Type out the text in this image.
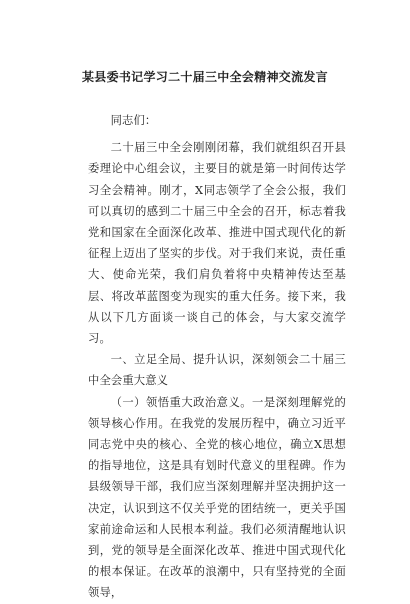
某县委书记学习二十届三中全会精神交流发言

同志们：

二十届三中全会刚刚闭幕，我们就组织召开县委理论中心组会议，主要目的就是第一时间传达学习全会精神。刚才，X同志领学了全会公报，我们可以真切的感到二十届三中全会的召开，标志着我党和国家在全面深化改革、推进中国式现代化的新征程上迈出了坚实的步伐。对于我们来说，责任重大、使命光荣，我们肩负着将中央精神传达至基层、将改革蓝图变为现实的重大任务。接下来，我从以下几方面谈一谈自己的体会，与大家交流学习。

一、立足全局、提升认识，深刻领会二十届三中全会重大意义

（一）领悟重大政治意义。一是深刻理解党的领导核心作用。在我党的发展历程中，确立习近平同志党中央的核心、全党的核心地位，确立X思想的指导地位，这是具有划时代意义的里程碑。作为县级领导干部，我们应当深刻理解并坚决拥护这一决定，认识到这不仅关乎党的团结统一，更关乎国家前途命运和人民根本利益。我们必须清醒地认识到，党的领导是全面深化改革、推进中国式现代化的根本保证。在改革的浪潮中，只有坚持党的全面领导，
